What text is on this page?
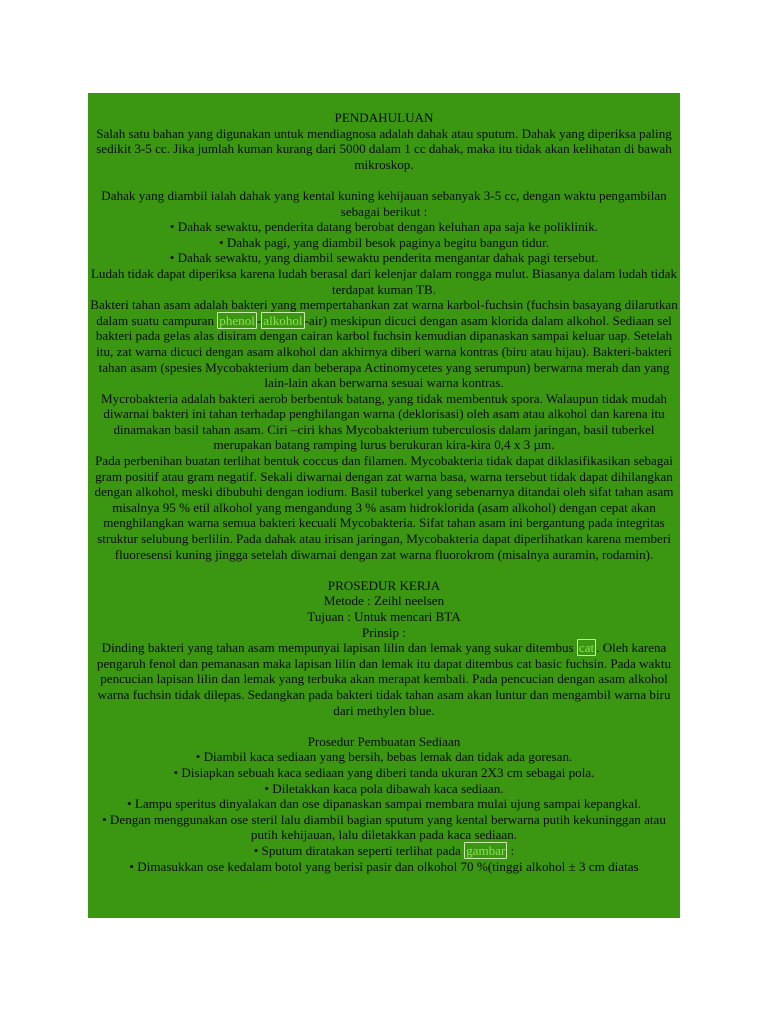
PENDAHULUAN

Salah satu bahan yang digunakan untuk mendiagnosa adalah dahak atau sputum. Dahak yang diperiksa paling sedikit 3-5 cc. Jika jumlah kuman kurang dari 5000 dalam 1 cc dahak, maka itu tidak akan kelihatan di bawah mikroskop.

Dahak yang diambil ialah dahak yang kental kuning kehijauan sebanyak 3-5 cc, dengan waktu pengambilan sebagai berikut :

• Dahak sewaktu, penderita datang berobat dengan keluhan apa saja ke poliklinik.

• Dahak pagi, yang diambil besok paginya begitu bangun tidur.

• Dahak sewaktu, yang diambil sewaktu penderita mengantar dahak pagi tersebut.

Ludah tidak dapat diperiksa karena ludah berasal dari kelenjar dalam rongga mulut. Biasanya dalam ludah tidak terdapat kuman TB.

Bakteri tahan asam adalah bakteri yang mempertahankan zat warna karbol-fuchsin (fuchsin basayang dilarutkan dalam suatu campuran phenol - alkohol -air) meskipun dicuci dengan asam klorida dalam alkohol. Sediaan sel bakteri pada gelas alas disiram dengan cairan karbol fuchsin kemudian dipanaskan sampai keluar uap. Setelah itu, zat warna dicuci dengan asam alkohol dan akhirnya diberi warna kontras (biru atau hijau). Bakteri-bakteri tahan asam (spesies Mycobakterium dan beberapa Actinomycetes yang serumpun) berwarna merah dan yang lain-lain akan berwarna sesuai warna kontras.

Mycrobakteria adalah bakteri aerob berbentuk batang, yang tidak membentuk spora. Walaupun tidak mudah diwarnai bakteri ini tahan terhadap penghilangan warna (deklorisasi) oleh asam atau alkohol dan karena itu dinamakan basil tahan asam. Ciri –ciri khas Mycobakterium tuberculosis dalam jaringan, basil tuberkel merupakan batang ramping lurus berukuran kira-kira 0,4 x 3 µm.

Pada perbenihan buatan terlihat bentuk coccus dan filamen. Mycobakteria tidak dapat diklasifikasikan sebagai gram positif atau gram negatif. Sekali diwarnai dengan zat warna basa, warna tersebut tidak dapat dihilangkan dengan alkohol, meski dibubuhi dengan iodium. Basil tuberkel yang sebenarnya ditandai oleh sifat tahan asam misalnya 95 % etil alkohol yang mengandung 3 % asam hidroklorida (asam alkohol) dengan cepat akan menghilangkan warna semua bakteri kecuali Mycobakteria. Sifat tahan asam ini bergantung pada integritas struktur selubung berlilin. Pada dahak atau irisan jaringan, Mycobakteria dapat diperlihatkan karena memberi fluoresensi kuning jingga setelah diwarnai dengan zat warna fluorokrom (misalnya auramin, rodamin).

PROSEDUR KERJA

Metode : Zeihl neelsen

Tujuan : Untuk mencari BTA

Prinsip :

Dinding bakteri yang tahan asam mempunyai lapisan lilin dan lemak yang sukar ditembus cat . Oleh karena pengaruh fenol dan pemanasan maka lapisan lilin dan lemak itu dapat ditembus cat basic fuchsin. Pada waktu pencucian lapisan lilin dan lemak yang terbuka akan merapat kembali. Pada pencucian dengan asam alkohol warna fuchsin tidak dilepas. Sedangkan pada bakteri tidak tahan asam akan luntur dan mengambil warna biru dari methylen blue.

Prosedur Pembuatan Sediaan

• Diambil kaca sediaan yang bersih, bebas lemak dan tidak ada goresan.

• Disiapkan sebuah kaca sediaan yang diberi tanda ukuran 2X3 cm sebagai pola.

• Diletakkan kaca pola dibawah kaca sediaan.

• Lampu speritus dinyalakan dan ose dipanaskan sampai membara mulai ujung sampai kepangkal.

• Dengan menggunakan ose steril lalu diambil bagian sputum yang kental berwarna putih kekuninggan atau putih kehijauan, lalu diletakkan pada kaca sediaan.

• Sputum diratakan seperti terlihat pada gambar :

• Dimasukkan ose kedalam botol yang berisi pasir dan olkohol 70 %(tinggi alkohol ± 3 cm diatas
